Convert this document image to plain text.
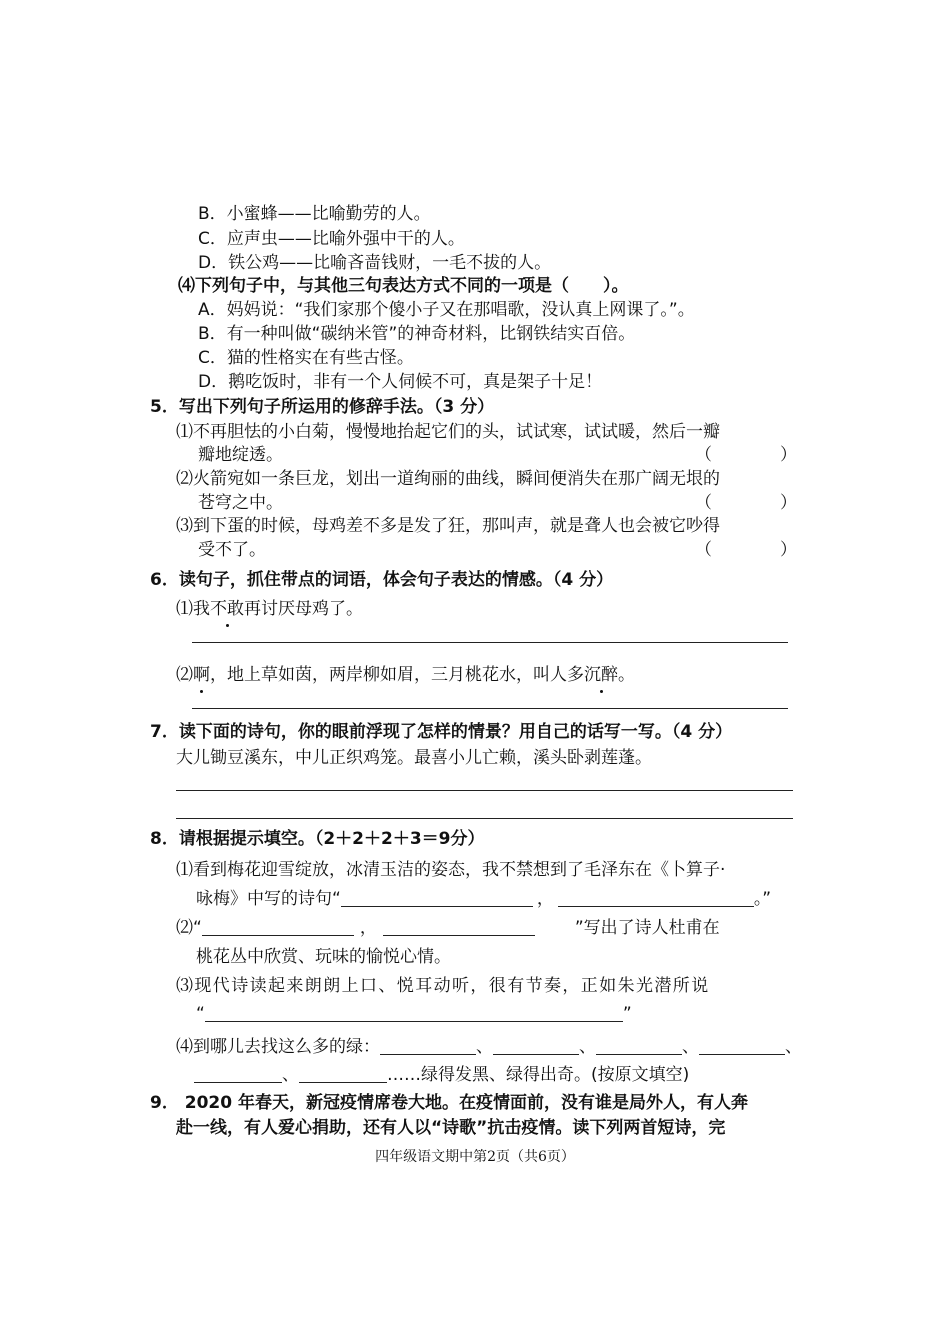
B．小蜜蜂——比喻勤劳的人。
C．应声虫——比喻外强中干的人。
D．铁公鸡——比喻吝啬钱财，一毛不拔的人。
⑷下列句子中，与其他三句表达方式不同的一项是（　　）。
A．妈妈说：“我们家那个傻小子又在那唱歌，没认真上网课了。”。
B．有一种叫做“碳纳米管”的神奇材料，比钢铁结实百倍。
C．猫的性格实在有些古怪。
D．鹅吃饭时，非有一个人伺候不可，真是架子十足！
5．写出下列句子所运用的修辞手法。（3 分）
⑴不再胆怯的小白菊，慢慢地抬起它们的头，试试寒，试试暖，然后一瓣
瓣地绽透。	（	）
⑵火箭宛如一条巨龙，划出一道绚丽的曲线，瞬间便消失在那广阔无垠的
苍穹之中。	（	）
⑶到下蛋的时候，母鸡差不多是发了狂，那叫声，就是聋人也会被它吵得
受不了。	（	）
6．读句子，抓住带点的词语，体会句子表达的情感。（4 分）
⑴我不敢再讨厌母鸡了。
⑵啊，地上草如茵，两岸柳如眉，三月桃花水，叫人多沉醉。
7．读下面的诗句，你的眼前浮现了怎样的情景？用自己的话写一写。（4 分）
大儿锄豆溪东，中儿正织鸡笼。最喜小儿亡赖，溪头卧剥莲蓬。
8．请根据提示填空。（2＋2＋2＋3＝9分）
⑴看到梅花迎雪绽放，冰清玉洁的姿态，我不禁想到了毛泽东在《卜算子·
咏梅》中写的诗句“	，	。”
⑵“	，	”写出了诗人杜甫在
桃花丛中欣赏、玩味的愉悦心情。
⑶现代诗读起来朗朗上口、悦耳动听，很有节奏，正如朱光潜所说
“	”
⑷到哪儿去找这么多的绿：	、	、	、	、
、	……绿得发黑、绿得出奇。(按原文填空)
9． 2020 年春天，新冠疫情席卷大地。在疫情面前，没有谁是局外人，有人奔
赴一线，有人爱心捐助，还有人以“诗歌”抗击疫情。读下列两首短诗，完
四年级语文期中第2页（共6页）
